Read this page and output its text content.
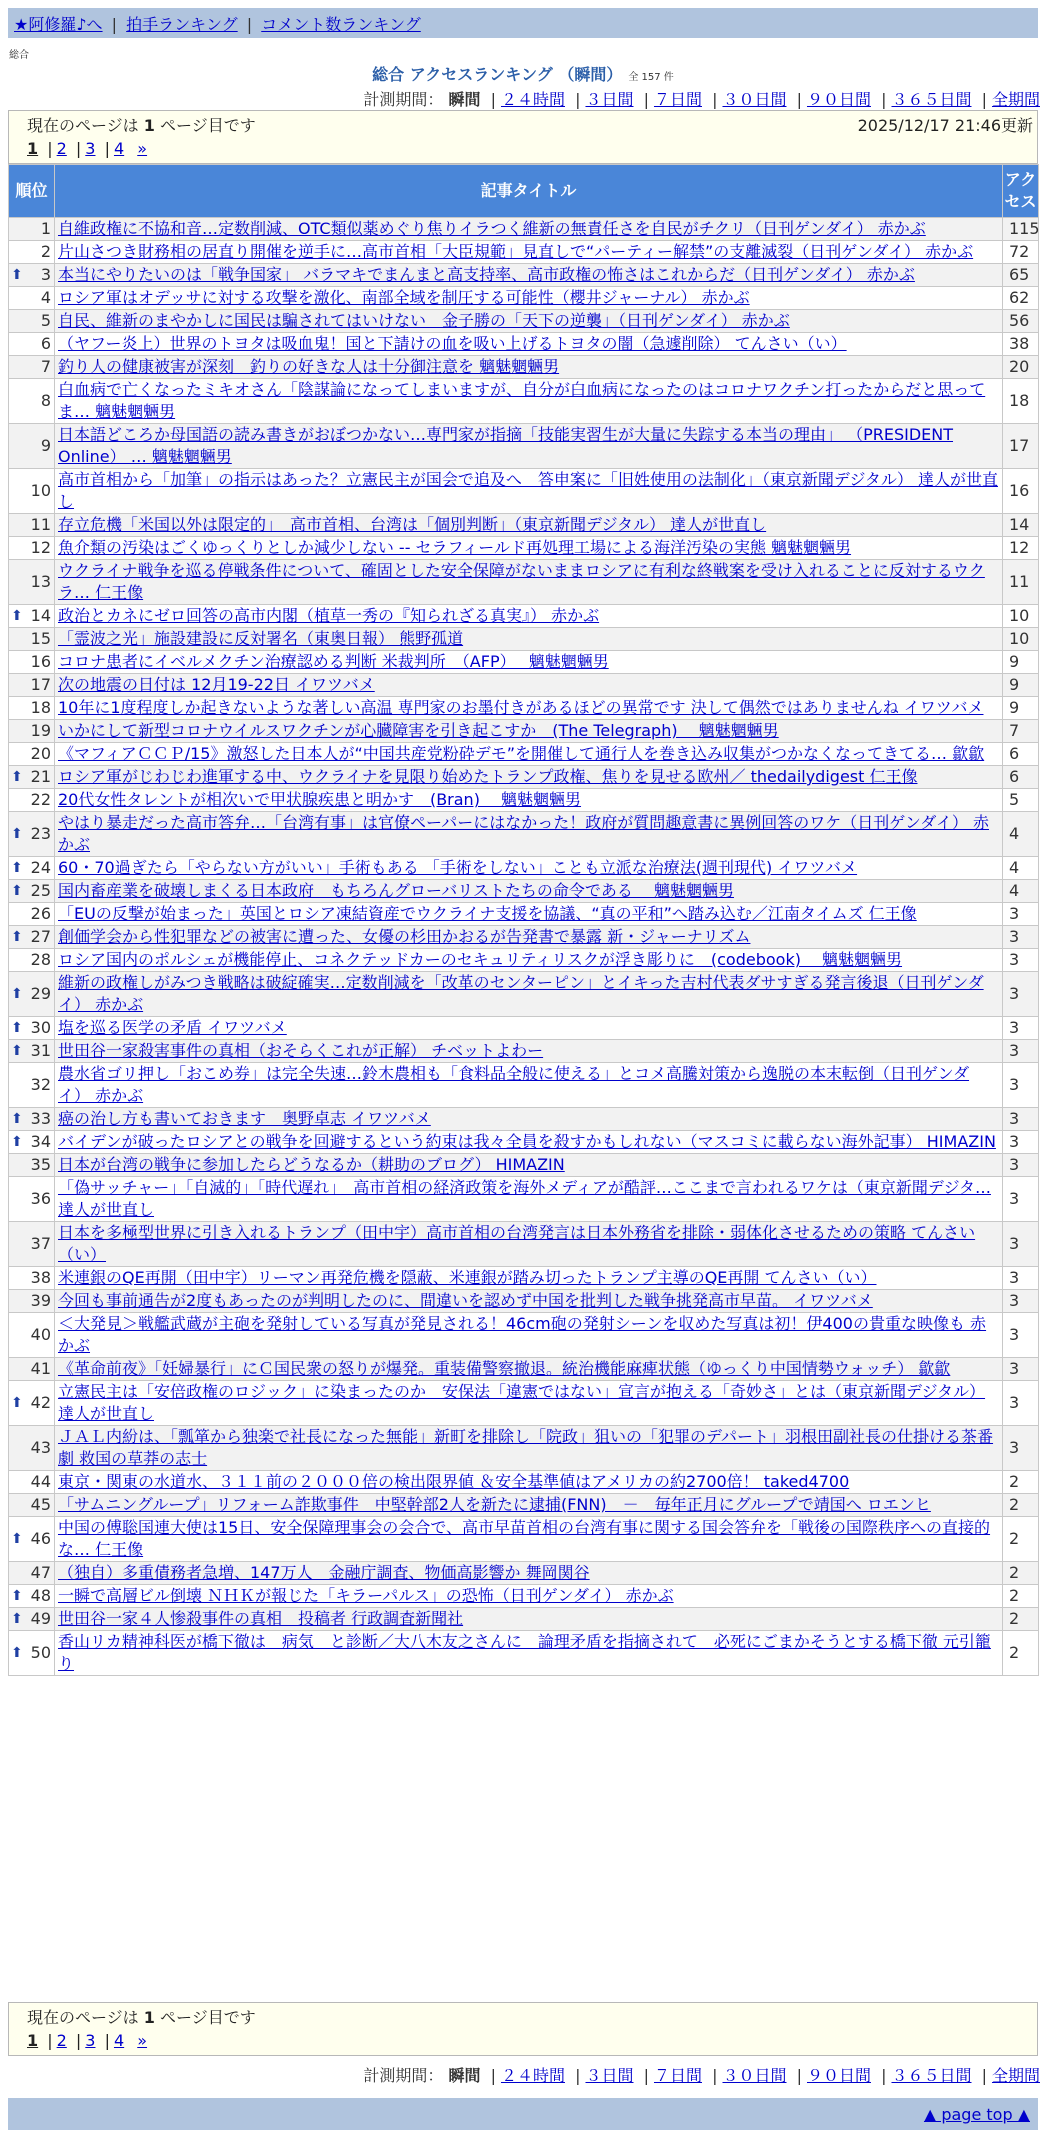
★阿修羅♪へ | 拍手ランキング | コメント数ランキング
総合
総合 アクセスランキング （瞬間） 全 157 件
計測期間： 瞬間 | ２４時間 | ３日間 | ７日間 | ３０日間 | ９０日間 | ３６５日間 | 全期間
現在のページは 1 ページ目です	2025/12/17 21:46更新
1 | 2 | 3 | 4 »
順位	記事タイトル	アクセス
1	自維政権に不協和音…定数削減、OTC類似薬めぐり焦りイラつく維新の無責任さを自民がチクリ（日刊ゲンダイ） 赤かぶ	115
2	片山さつき財務相の居直り開催を逆手に…高市首相「大臣規範」見直しで“パーティー解禁”の支離滅裂（日刊ゲンダイ） 赤かぶ	72

⬆ 3	本当にやりたいのは「戦争国家」 バラマキでまんまと高支持率、高市政権の怖さはこれからだ（日刊ゲンダイ） 赤かぶ	65
4	ロシア軍はオデッサに対する攻撃を激化、南部全域を制圧する可能性（櫻井ジャーナル） 赤かぶ	62
5	自民、維新のまやかしに国民は騙されてはいけない　金子勝の「天下の逆襲」（日刊ゲンダイ） 赤かぶ	56
6	（ヤフー炎上）世界のトヨタは吸血鬼！国と下請けの血を吸い上げるトヨタの闇（急遽削除） てんさい（い）	38
7	釣り人の健康被害が深刻　釣りの好きな人は十分御注意を 魑魅魍魎男	20
8	白血病で亡くなったミキオさん「陰謀論になってしまいますが、自分が白血病になったのはコロナワクチン打ったからだと思ってま… 魑魅魍魎男	18
9	日本語どころか母国語の読み書きがおぼつかない…専門家が指摘「技能実習生が大量に失踪する本当の理由」 （PRESIDENT Online） … 魑魅魍魎男	17
10	高市首相から「加筆」の指示はあった？立憲民主が国会で追及へ　答申案に「旧姓使用の法制化」（東京新聞デジタル） 達人が世直し	16
11	存立危機「米国以外は限定的」　高市首相、台湾は「個別判断」（東京新聞デジタル） 達人が世直し	14
12	魚介類の汚染はごくゆっくりとしか減少しない -- セラフィールド再処理工場による海洋汚染の実態 魑魅魍魎男	12
13	ウクライナ戦争を巡る停戦条件について、確固とした安全保障がないままロシアに有利な終戦案を受け入れることに反対するウクラ… 仁王像	11

⬆ 14	政治とカネにゼロ回答の高市内閣（植草一秀の『知られざる真実』） 赤かぶ	10
15	「霊波之光」施設建設に反対署名（東奥日報） 熊野孤道	10
16	コロナ患者にイベルメクチン治療認める判断 米裁判所　（AFP）　 魑魅魍魎男	9
17	次の地震の日付は 12月19-22日 イワツバメ	9
18	10年に1度程度しか起きないような著しい高温 専門家のお墨付きがあるほどの異常です 決して偶然ではありませんね イワツバメ	9
19	いかにして新型コロナウイルスワクチンが心臓障害を引き起こすか　(The Telegraph)　 魑魅魍魎男	7
20	《マフィアＣＣＰ/15》激怒した日本人が“中国共産党粉砕デモ”を開催して通行人を巻き込み収集がつかなくなってきてる… 歙歙	6

⬆ 21	ロシア軍がじわじわ進軍する中、ウクライナを見限り始めたトランプ政権、焦りを見せる欧州／ thedailydigest 仁王像	6
22	20代女性タレントが相次いで甲状腺疾患と明かす　(Bran)　 魑魅魍魎男	5

⬆ 23	やはり暴走だった高市答弁…「台湾有事」は官僚ペーパーにはなかった！政府が質問趣意書に異例回答のワケ（日刊ゲンダイ） 赤かぶ	4

⬆ 24	60・70過ぎたら「やらない方がいい」手術もある 「手術をしない」ことも立派な治療法(週刊現代) イワツバメ	4

⬆ 25	国内畜産業を破壊しまくる日本政府　もちろんグローバリストたちの命令である　 魑魅魍魎男	4
26	「EUの反撃が始まった」英国とロシア凍結資産でウクライナ支援を協議、“真の平和”へ踏み込む／江南タイムズ 仁王像	3

⬆ 27	創価学会から性犯罪などの被害に遭った、女優の杉田かおるが告発書で暴露 新・ジャーナリズム	3
28	ロシア国内のポルシェが機能停止、コネクテッドカーのセキュリティリスクが浮き彫りに　(codebook)　 魑魅魍魎男	3

⬆ 29	維新の政権しがみつき戦略は破綻確実…定数削減を「改革のセンターピン」とイキった吉村代表ダサすぎる発言後退（日刊ゲンダイ） 赤かぶ	3

⬆ 30	塩を巡る医学の矛盾 イワツバメ	3

⬆ 31	世田谷一家殺害事件の真相（おそらくこれが正解） チベットよわー	3
32	農水省ゴリ押し「おこめ券」は完全失速…鈴木農相も「食料品全般に使える」とコメ高騰対策から逸脱の本末転倒（日刊ゲンダイ） 赤かぶ	3

⬆ 33	癌の治し方も書いておきます　奥野卓志 イワツバメ	3

⬆ 34	バイデンが破ったロシアとの戦争を回避するという約束は我々全員を殺すかもしれない（マスコミに載らない海外記事） HIMAZIN	3
35	日本が台湾の戦争に参加したらどうなるか（耕助のブログ） HIMAZIN	3
36	「偽サッチャー」「自滅的」「時代遅れ」　高市首相の経済政策を海外メディアが酷評…ここまで言われるワケは（東京新聞デジタ… 達人が世直し	3
37	日本を多極型世界に引き入れるトランプ（田中宇）高市首相の台湾発言は日本外務省を排除・弱体化させるための策略 てんさい（い）	3
38	米連銀のQE再開（田中宇）リーマン再発危機を隠蔽、米連銀が踏み切ったトランプ主導のQE再開 てんさい（い）	3
39	今回も事前通告が2度もあったのが判明したのに、間違いを認めず中国を批判した戦争挑発高市早苗。 イワツバメ	3
40	＜大発見＞戦艦武蔵が主砲を発射している写真が発見される！46cm砲の発射シーンを収めた写真は初！伊400の貴重な映像も 赤かぶ	3
41	《革命前夜》「妊婦暴行」にＣ国民衆の怒りが爆発。重装備警察撤退。統治機能麻痺状態（ゆっくり中国情勢ウォッチ） 歙歙	3

⬆ 42	立憲民主は「安倍政権のロジック」に染まったのか　安保法「違憲ではない」宣言が抱える「奇妙さ」とは（東京新聞デジタル） 達人が世直し	3
43	ＪＡＬ内紛は、「瓢箪から独楽で社長になった無能」新町を排除し「院政」狙いの「犯罪のデパート」羽根田副社長の仕掛ける茶番劇 救国の草莽の志士	3
44	東京・関東の水道水、３１１前の２０００倍の検出限界値 ＆安全基準値はアメリカの約2700倍！ taked4700	2
45	「サムニングループ」リフォーム詐欺事件　中堅幹部2人を新たに逮捕(FNN)　－　毎年正月にグループで靖国へ ロエンヒ	2

⬆ 46	中国の傅聡国連大使は15日、安全保障理事会の会合で、高市早苗首相の台湾有事に関する国会答弁を「戦後の国際秩序への直接的な… 仁王像	2
47	（独自）多重債務者急増、147万人　金融庁調査、物価高影響か 舞岡関谷	2

⬆ 48	一瞬で高層ビル倒壊 ＮＨＫが報じた「キラーパルス」の恐怖（日刊ゲンダイ） 赤かぶ	2

⬆ 49	世田谷一家４人惨殺事件の真相　投稿者 行政調査新聞社	2

⬆ 50	香山リカ精神科医が橋下徹は　病気　と診断／大八木友之さんに　論理矛盾を指摘されて　必死にごまかそうとする橋下徹 元引籠り	2
現在のページは 1 ページ目です
1 | 2 | 3 | 4 »
計測期間： 瞬間 | ２４時間 | ３日間 | ７日間 | ３０日間 | ９０日間 | ３６５日間 | 全期間
▲ page top ▲
